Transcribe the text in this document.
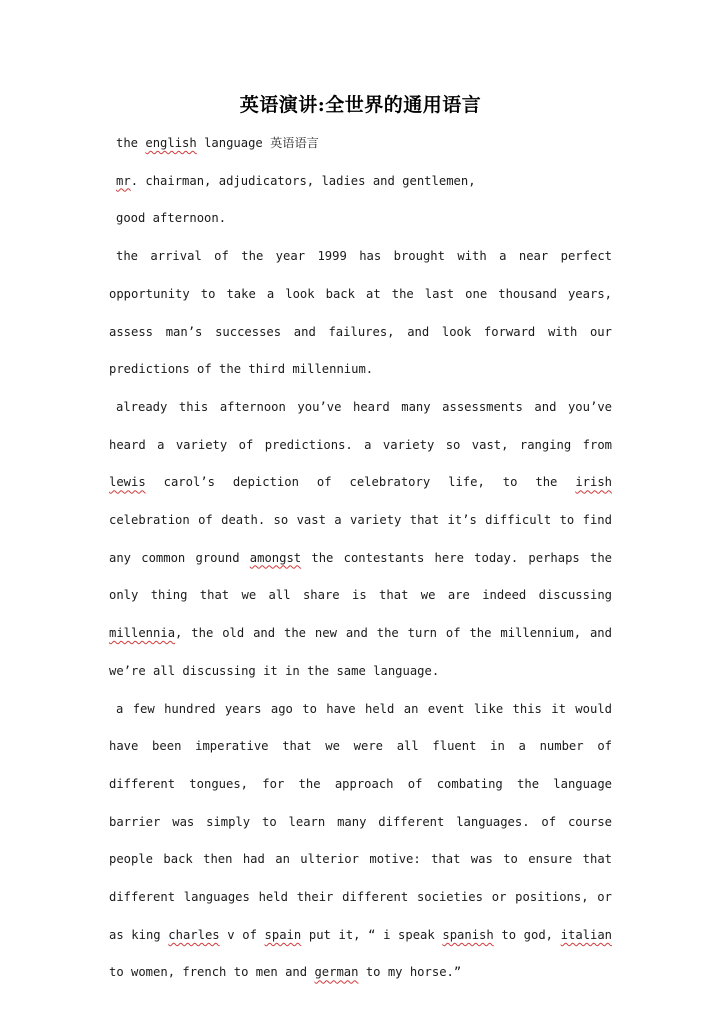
英语演讲:全世界的通用语言

the english language 英语语言

mr. chairman, adjudicators, ladies and gentlemen,

good afternoon.

the arrival of the year 1999 has brought with a near perfect opportunity to take a look back at the last one thousand years, assess man’s successes and failures, and look forward with our predictions of the third millennium.

already this afternoon you’ve heard many assessments and you’ve heard a variety of predictions. a variety so vast, ranging from lewis carol’s depiction of celebratory life, to the irish celebration of death. so vast a variety that it’s difficult to find any common ground amongst the contestants here today. perhaps the only thing that we all share is that we are indeed discussing millennia, the old and the new and the turn of the millennium, and we’re all discussing it in the same language.

a few hundred years ago to have held an event like this it would have been imperative that we were all fluent in a number of different tongues, for the approach of combating the language barrier was simply to learn many different languages. of course people back then had an ulterior motive: that was to ensure that different languages held their different societies or positions, or as king charles v of spain put it, “ i speak spanish to god, italian to women, french to men and german to my horse.”
